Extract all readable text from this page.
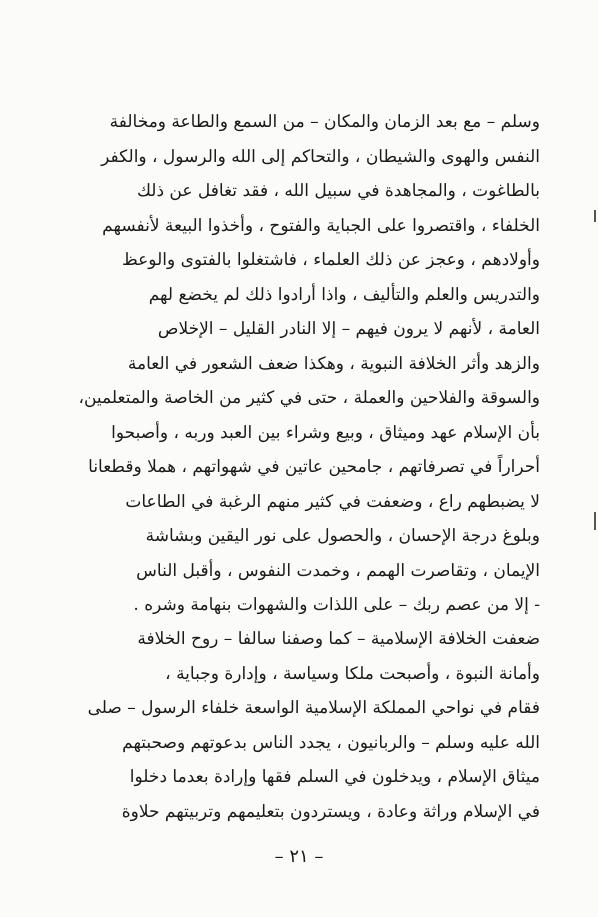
وسلم – مع بعد الزمان والمكان – من السمع والطاعة ومخالفة
النفس والهوى والشيطان ، والتحاكم إلى الله والرسول ، والكفر
بالطاغوت ، والمجاهدة في سبيل الله ، فقد تغافل عن ذلك
الخلفاء ، واقتصروا على الجباية والفتوح ، وأخذوا البيعة لأنفسهم
وأولادهم ، وعجز عن ذلك العلماء ، فاشتغلوا بالفتوى والوعظ
والتدريس والعلم والتأليف ، واذا أرادوا ذلك لم يخضع لهم
العامة ، لأنهم لا يرون فيهم – إلا النادر القليل – الإخلاص
والزهد وأثر الخلافة النبوية ، وهكذا ضعف الشعور في العامة
والسوقة والفلاحين والعملة ، حتى في كثير من الخاصة والمتعلمين،
بأن الإسلام عهد وميثاق ، وبيع وشراء بين العبد وربه ، وأصبحوا
أحراراً في تصرفاتهم ، جامحين عاتين في شهواتهم ، هملا وقطعانا
لا يضبطهم راع ، وضعفت في كثير منهم الرغبة في الطاعات
وبلوغ درجة الإحسان ، والحصول على نور اليقين وبشاشة
الإيمان ، وتقاصرت الهمم ، وخمدت النفوس ، وأقبل الناس
- إلا من عصم ربك – على اللذات والشهوات بنهامة وشره .
ضعفت الخلافة الإسلامية – كما وصفنا سالفا – روح الخلافة
وأمانة النبوة ، وأصبحت ملكا وسياسة ، وإدارة وجباية ،
فقام في نواحي المملكة الإسلامية الواسعة خلفاء الرسول – صلى
الله عليه وسلم – والربانيون ، يجدد الناس بدعوتهم وصحبتهم
ميثاق الإسلام ، ويدخلون في السلم فقها وإرادة بعدما دخلوا
في الإسلام وراثة وعادة ، ويستردون بتعليمهم وتربيتهم حلاوة
– ٢١ –
